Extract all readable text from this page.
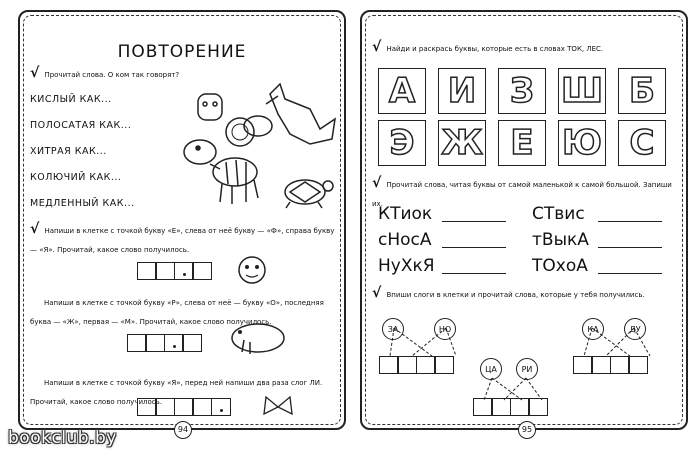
ПОВТОРЕНИЕ
√ Прочитай слова. О ком так говорят?
КИСЛЫЙ КАК...
ПОЛОСАТАЯ КАК...
ХИТРАЯ КАК...
КОЛЮЧИЙ КАК...
МЕДЛЕННЫЙ КАК...
√ Напиши в клетке с точкой букву «Е», слева от неё букву — «Ф», справа букву — «Я». Прочитай, какое слово получилось.
Напиши в клетке с точкой букву «Р», слева от неё — букву «О», последняя буква — «Ж», первая — «М». Прочитай, какое слово получилось.
Напиши в клетке с точкой букву «Я», перед ней напиши два раза слог ЛИ. Прочитай, какое слово получилось.
94
√ Найди и раскрась буквы, которые есть в словах ТОК, ЛЕС.
А И З Ш Б
Э Ж Е Ю С
√ Прочитай слова, читая буквы от самой маленькой к самой большой. Запиши их.
КТиок	СТвис
сНосА	тВыкА
НуХкЯ	ТОхоА
√ Впиши слоги в клетки и прочитай слова, которые у тебя получились.
ЗА	НО
ЦА	РИ
КА	ДУ
95
bookclub.by
